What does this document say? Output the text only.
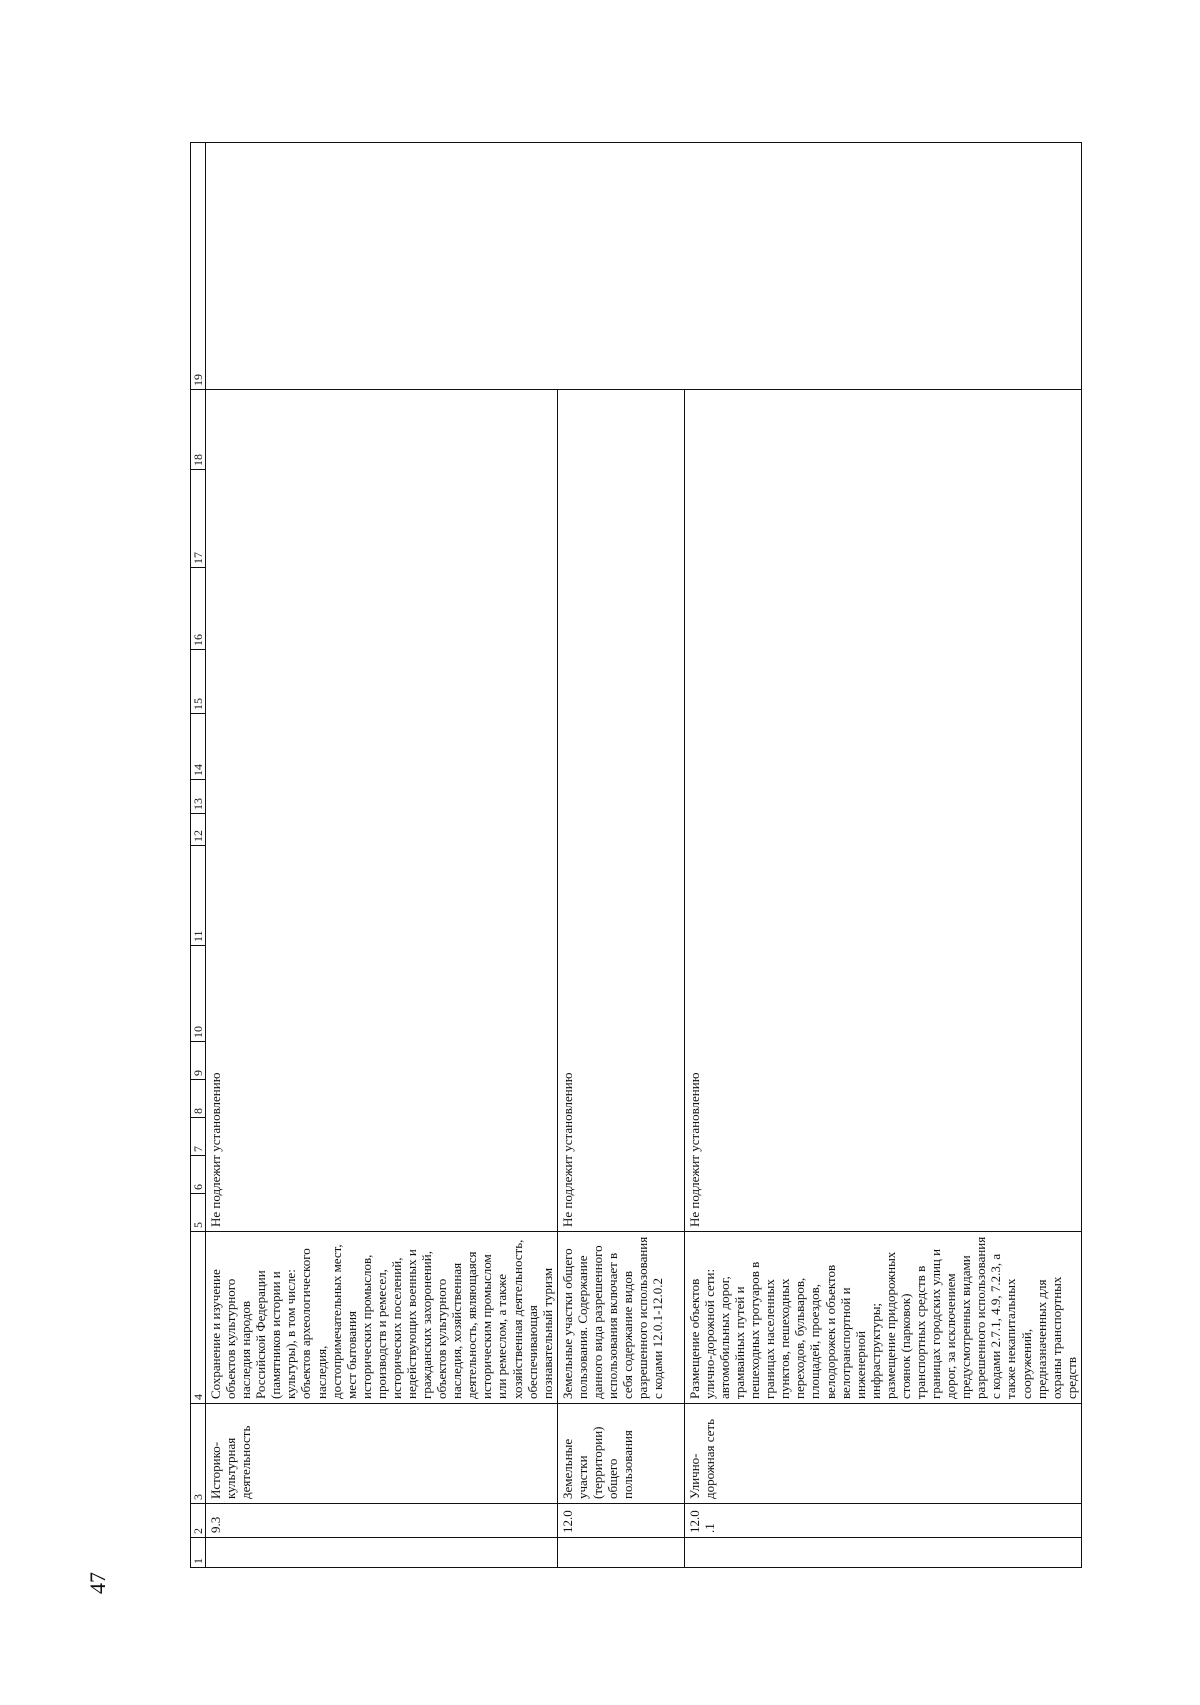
47
1	2	3	4	5	6	7	8	9	10	11	12	13	14	15	16	17	18	19
	9.3	Историко-культурная деятельность	Сохранение и изучение объектов культурного наследия народов Российской Федерации (памятников истории и культуры), в том числе: объектов археологического наследия, достопримечательных мест, мест бытования исторических промыслов, производств и ремесел, исторических поселений, недействующих военных и гражданских захоронений, объектов культурного наследия, хозяйственная деятельность, являющаяся историческим промыслом или ремеслом, а также хозяйственная деятельность, обеспечивающая познавательный туризм	Не подлежит установлению														
	12.0	Земельные участки (территории) общего пользования	Земельные участки общего пользования. Содержание данного вида разрешенного использования включает в себя содержание видов разрешенного использования с кодами 12.0.1-12.0.2	Не подлежит установлению														
	12.0.1	Улично-дорожная сеть	Размещение объектов улично-дорожной сети: автомобильных дорог, трамвайных путей и пешеходных тротуаров в границах населенных пунктов, пешеходных переходов, бульваров, площадей, проездов, велодорожек и объектов велотранспортной и инженерной инфраструктуры; размещение придорожных стоянок (парковок) транспортных средств в границах городских улиц и дорог, за исключением предусмотренных видами разрешенного использования с кодами 2.7.1, 4.9, 7.2.3, а также некапитальных сооружений, предназначенных для охраны транспортных средств	Не подлежит установлению														
